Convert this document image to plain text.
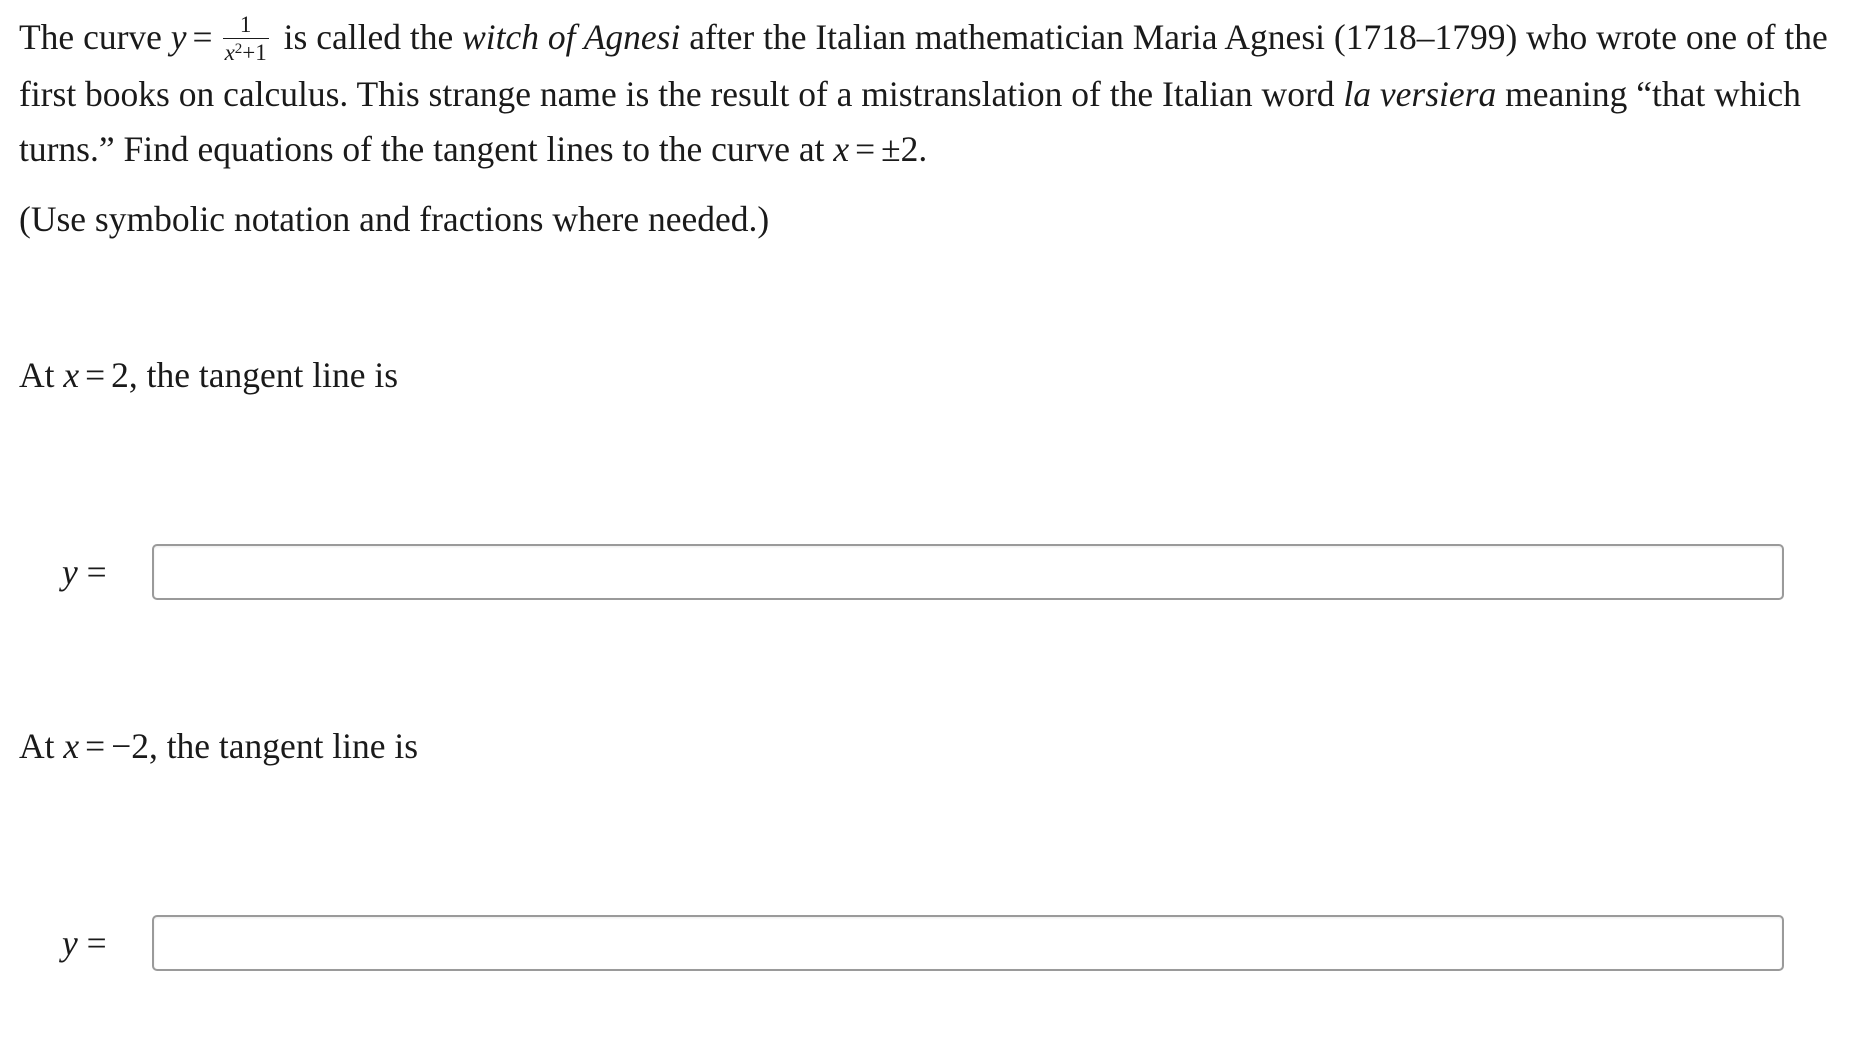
The curve $y = \frac{1}{x^2+1}$ is called the witch of Agnesi after the Italian mathematician Maria Agnesi (1718–1799) who wrote one of the first books on calculus. This strange name is the result of a mistranslation of the Italian word la versiera meaning “that which turns.” Find equations of the tangent lines to the curve at x = ±2.

(Use symbolic notation and fractions where needed.)

At x = 2, the tangent line is

y =

At x = −2, the tangent line is

y =
